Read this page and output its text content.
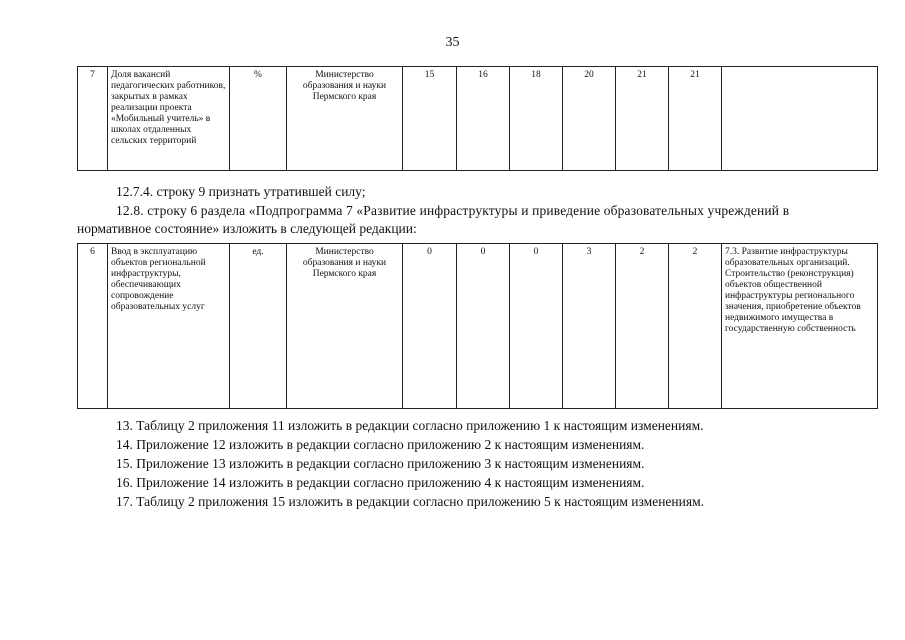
35
7	Доля вакансий педагогических работников, закрытых в рамках реализации проекта «Мобильный учитель» в школах отдаленных сельских территорий	%	Министерство образования и науки Пермского края	15	16	18	20	21	21	
12.7.4. строку 9 признать утратившей силу;
12.8. строку 6 раздела «Подпрограмма 7 «Развитие инфраструктуры и приведение образовательных учреждений в
нормативное состояние» изложить в следующей редакции:
6	Ввод в эксплуатацию объектов региональной инфраструктуры, обеспечивающих сопровождение образовательных услуг	ед.	Министерство образования и науки Пермского края	0	0	0	3	2	2	7.3. Развитие инфраструктуры образовательных организаций. Строительство (реконструкция) объектов общественной инфраструктуры регионального значения, приобретение объектов недвижимого имущества в государственную собственность
13. Таблицу 2 приложения 11 изложить в редакции согласно приложению 1 к настоящим изменениям.
14. Приложение 12 изложить в редакции согласно приложению 2 к настоящим изменениям.
15. Приложение 13 изложить в редакции согласно приложению 3 к настоящим изменениям.
16. Приложение 14 изложить в редакции согласно приложению 4 к настоящим изменениям.
17. Таблицу 2 приложения 15 изложить в редакции согласно приложению 5 к настоящим изменениям.
